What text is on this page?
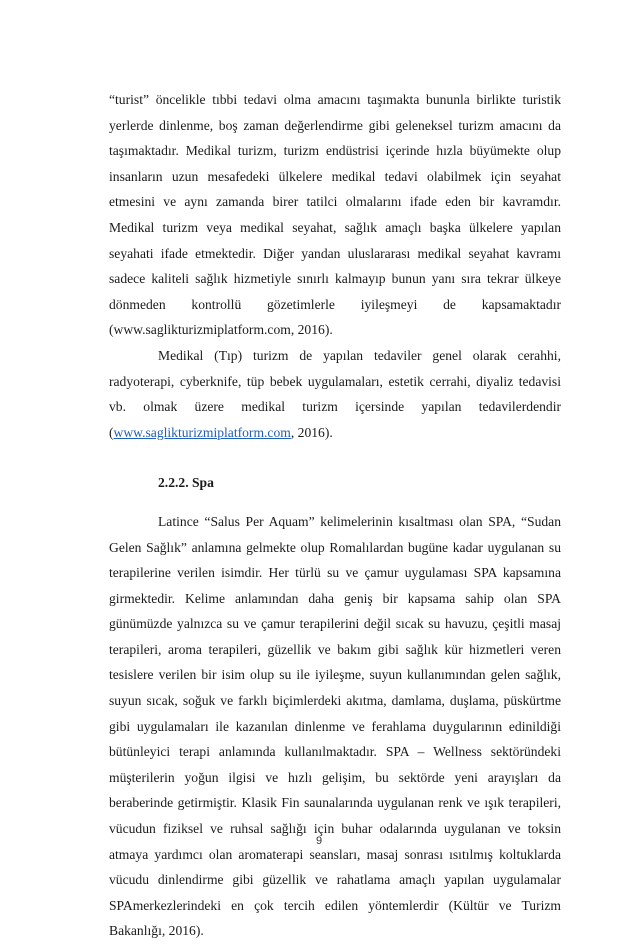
“turist” öncelikle tıbbi tedavi olma amacını taşımakta bununla birlikte turistik yerlerde dinlenme, boş zaman değerlendirme gibi geleneksel turizm amacını da taşımaktadır. Medikal turizm, turizm endüstrisi içerinde hızla büyümekte olup insanların uzun mesafedeki ülkelere medikal tedavi olabilmek için seyahat etmesini ve aynı zamanda birer tatilci olmalarını ifade eden bir kavramdır. Medikal turizm veya medikal seyahat, sağlık amaçlı başka ülkelere yapılan seyahati ifade etmektedir. Diğer yandan uluslararası medikal seyahat kavramı sadece kaliteli sağlık hizmetiyle sınırlı kalmayıp bunun yanı sıra tekrar ülkeye dönmeden kontrollü gözetimlerle iyileşmeyi de kapsamaktadır (www.saglikturizmiplatform.com, 2016).

Medikal (Tıp) turizm de yapılan tedaviler genel olarak cerahhi, radyoterapi, cyberknife, tüp bebek uygulamaları, estetik cerrahi, diyaliz tedavisi vb. olmak üzere medikal turizm içersinde yapılan tedavilerdendir (www.saglikturizmiplatform.com, 2016).

2.2.2. Spa

Latince “Salus Per Aquam” kelimelerinin kısaltması olan SPA, “Sudan Gelen Sağlık” anlamına gelmekte olup Romalılardan bugüne kadar uygulanan su terapilerine verilen isimdir. Her türlü su ve çamur uygulaması SPA kapsamına girmektedir. Kelime anlamından daha geniş bir kapsama sahip olan SPA günümüzde yalnızca su ve çamur terapilerini değil sıcak su havuzu, çeşitli masaj terapileri, aroma terapileri, güzellik ve bakım gibi sağlık kür hizmetleri veren tesislere verilen bir isim olup su ile iyileşme, suyun kullanımından gelen sağlık, suyun sıcak, soğuk ve farklı biçimlerdeki akıtma, damlama, duşlama, püskürtme gibi uygulamaları ile kazanılan dinlenme ve ferahlama duygularının edinildiği bütünleyici terapi anlamında kullanılmaktadır. SPA – Wellness sektöründeki müşterilerin yoğun ilgisi ve hızlı gelişim, bu sektörde yeni arayışları da beraberinde getirmiştir. Klasik Fin saunalarında uygulanan renk ve ışık terapileri, vücudun fiziksel ve ruhsal sağlığı için buhar odalarında uygulanan ve toksin atmaya yardımcı olan aromaterapi seansları, masaj sonrası ısıtılmış koltuklarda vücudu dinlendirme gibi güzellik ve rahatlama amaçlı yapılan uygulamalar SPAmerkezlerindeki en çok tercih edilen yöntemlerdir (Kültür ve Turizm Bakanlığı, 2016).

9
